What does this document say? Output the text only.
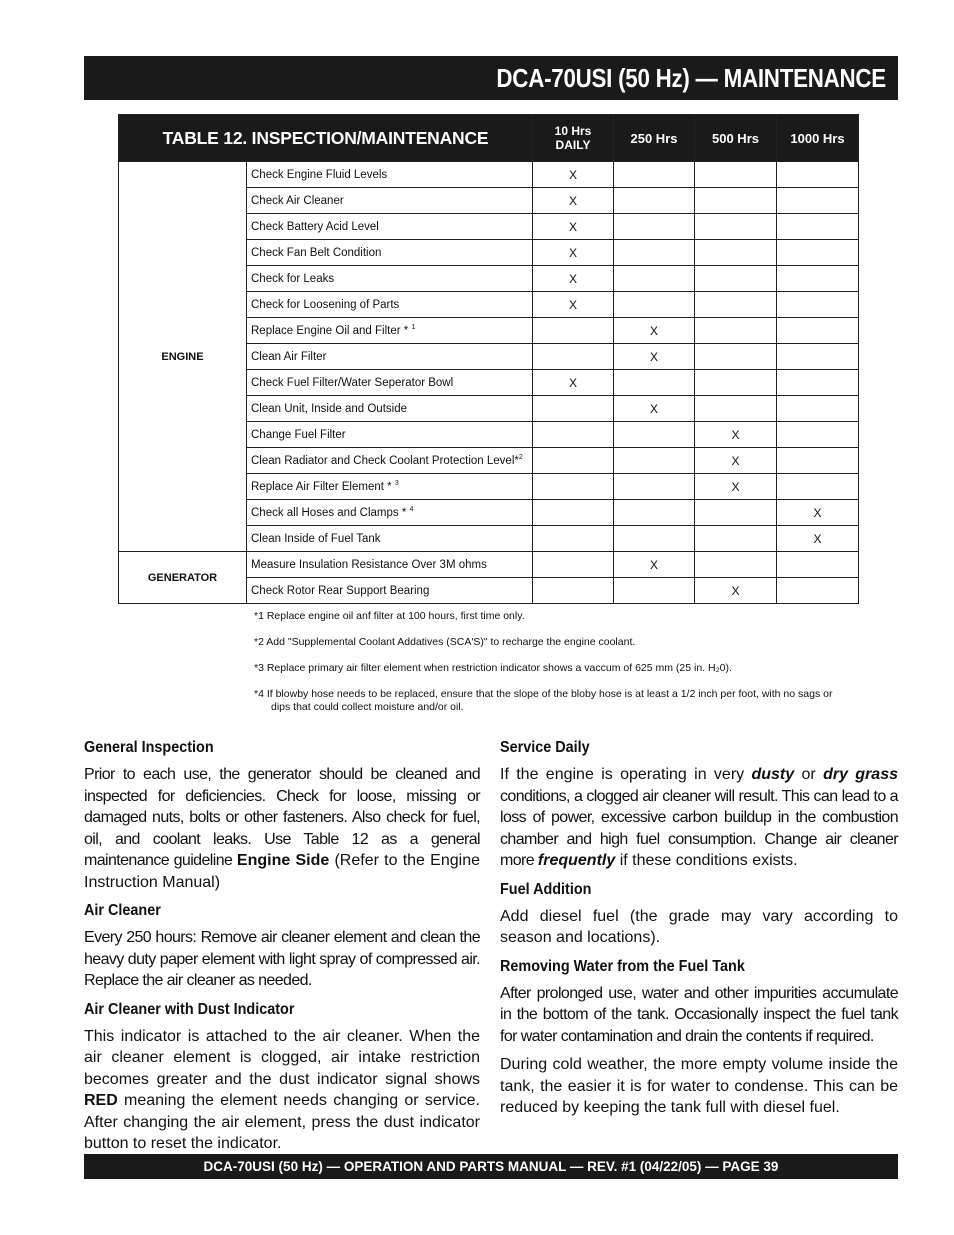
DCA-70USI (50 Hz) — MAINTENANCE
TABLE 12. INSPECTION/MAINTENANCE		10 Hrs
DAILY	250 Hrs	500 Hrs	1000 Hrs
ENGINE	Check Engine Fluid Levels	X			
	Check Air Cleaner	X			
	Check Battery Acid Level	X			
	Check Fan Belt Condition	X			
	Check for Leaks	X			
	Check for Loosening of Parts	X			
	Replace Engine Oil and Filter * $^1$		X		
	Clean Air Filter		X		
	Check Fuel Filter/Water Seperator Bowl	X			
	Clean Unit, Inside and Outside		X		
	Change Fuel Filter			X	
	Clean Radiator and Check Coolant Protection Level*$^2$			X	
	Replace Air Filter Element * $^3$			X	
	Check all Hoses and Clamps * $^4$				X
	Clean Inside of Fuel Tank				X
GENERATOR	Measure Insulation Resistance Over 3M ohms		X		
	Check Rotor Rear Support Bearing			X	

*1 Replace engine oil anf filter at 100 hours, first time only.

*2 Add "Supplemental Coolant Addatives (SCA'S)" to recharge the engine coolant.

*3 Replace primary air filter element when restriction indicator shows a vaccum of 625 mm (25 in. H₂0).

*4 If blowby hose needs to be replaced, ensure that the slope of the bloby hose is at least a 1/2 inch per foot, with no sags or dips that could collect moisture and/or oil.

General Inspection

Prior to each use, the generator should be cleaned and inspected for deficiencies. Check for loose, missing or damaged nuts, bolts or other fasteners. Also check for fuel, oil, and coolant leaks. Use Table 12 as a general maintenance guideline Engine Side (Refer to the Engine Instruction Manual)

Air Cleaner

Every 250 hours: Remove air cleaner element and clean the heavy duty paper element with light spray of compressed air. Replace the air cleaner as needed.

Air Cleaner with Dust Indicator

This indicator is attached to the air cleaner. When the air cleaner element is clogged, air intake restriction becomes greater and the dust indicator signal shows RED meaning the element needs changing or service. After changing the air element, press the dust indicator button to reset the indicator.

Service Daily

If the engine is operating in very dusty or dry grass conditions, a clogged air cleaner will result. This can lead to a loss of power, excessive carbon buildup in the combustion chamber and high fuel consumption. Change air cleaner more frequently if these conditions exists.

Fuel Addition

Add diesel fuel (the grade may vary according to season and locations).

Removing Water from the Fuel Tank

After prolonged use, water and other impurities accumulate in the bottom of the tank. Occasionally inspect the fuel tank for water contamination and drain the contents if required.

During cold weather, the more empty volume inside the tank, the easier it is for water to condense. This can be reduced by keeping the tank full with diesel fuel.

DCA-70USI (50 Hz) — OPERATION AND PARTS MANUAL — REV. #1 (04/22/05) — PAGE 39
